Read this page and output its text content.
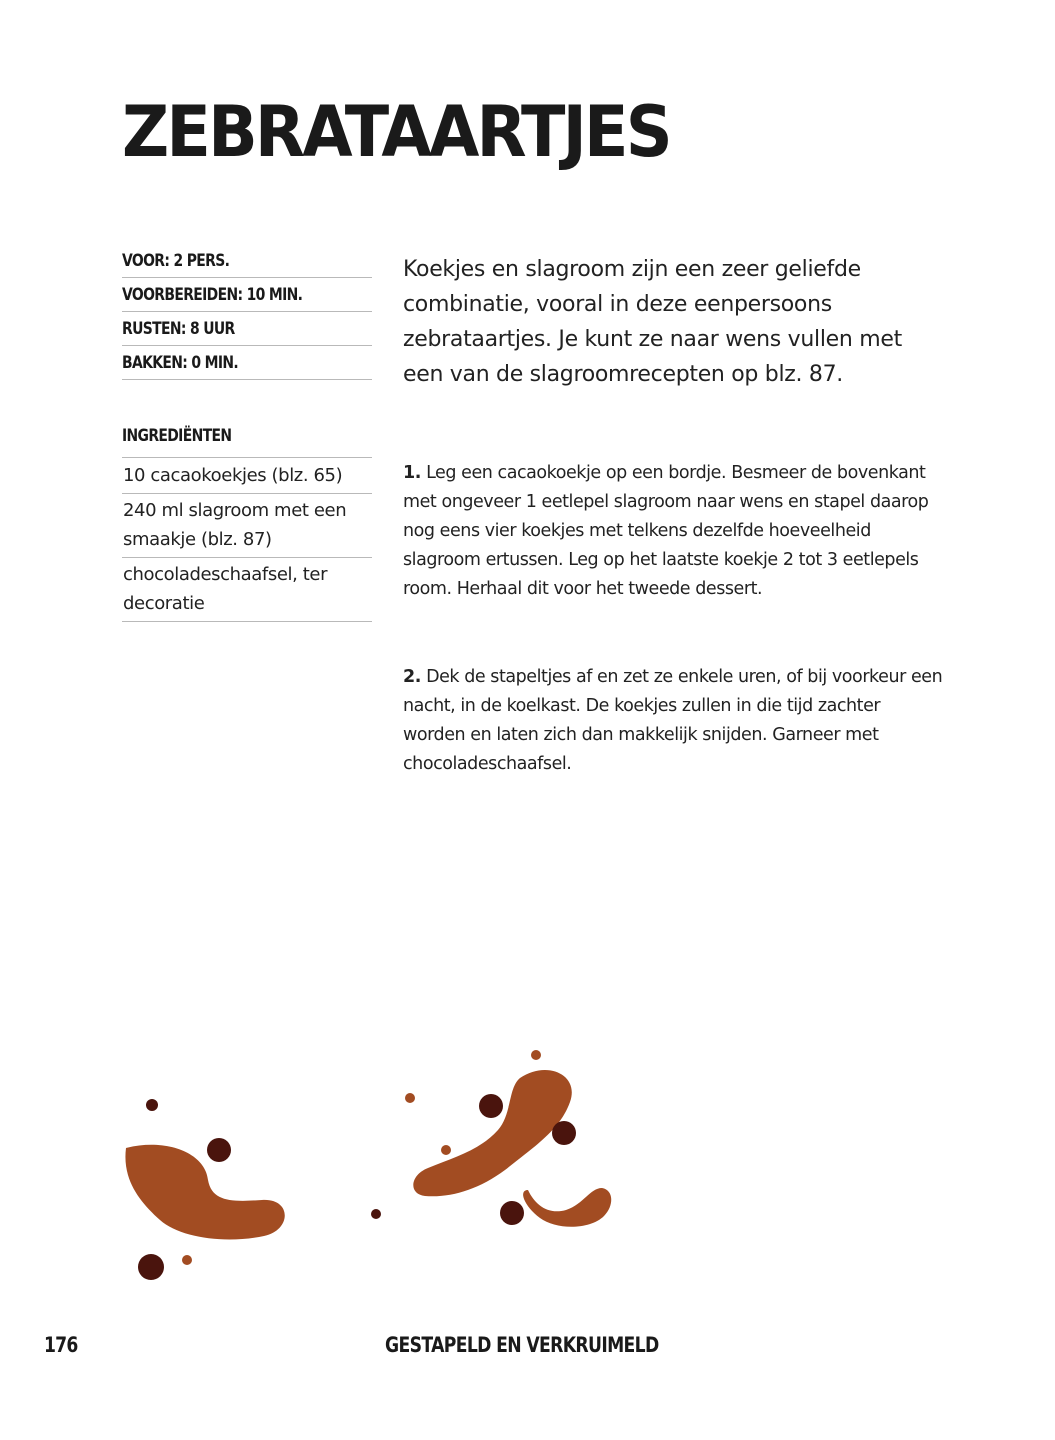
ZEBRATAARTJES
VOOR: 2 PERS.
VOORBEREIDEN: 10 MIN.
RUSTEN: 8 UUR
BAKKEN: 0 MIN.
INGREDIËNTEN
10 cacaokoekjes (blz. 65)
240 ml slagroom met een smaakje (blz. 87)
chocoladeschaafsel, ter decoratie

Koekjes en slagroom zijn een zeer geliefde combinatie, vooral in deze eenpersoons zebrataartjes. Je kunt ze naar wens vullen met een van de slagroomrecepten op blz. 87.

1. Leg een cacaokoekje op een bordje. Besmeer de bovenkant met ongeveer 1 eetlepel slagroom naar wens en stapel daarop nog eens vier koekjes met telkens dezelfde hoeveelheid slagroom ertussen. Leg op het laatste koekje 2 tot 3 eetlepels room. Herhaal dit voor het tweede dessert.

2. Dek de stapeltjes af en zet ze enkele uren, of bij voorkeur een nacht, in de koelkast. De koekjes zullen in die tijd zachter worden en laten zich dan makkelijk snijden. Garneer met chocoladeschaafsel.

176	GESTAPELD EN VERKRUIMELD
